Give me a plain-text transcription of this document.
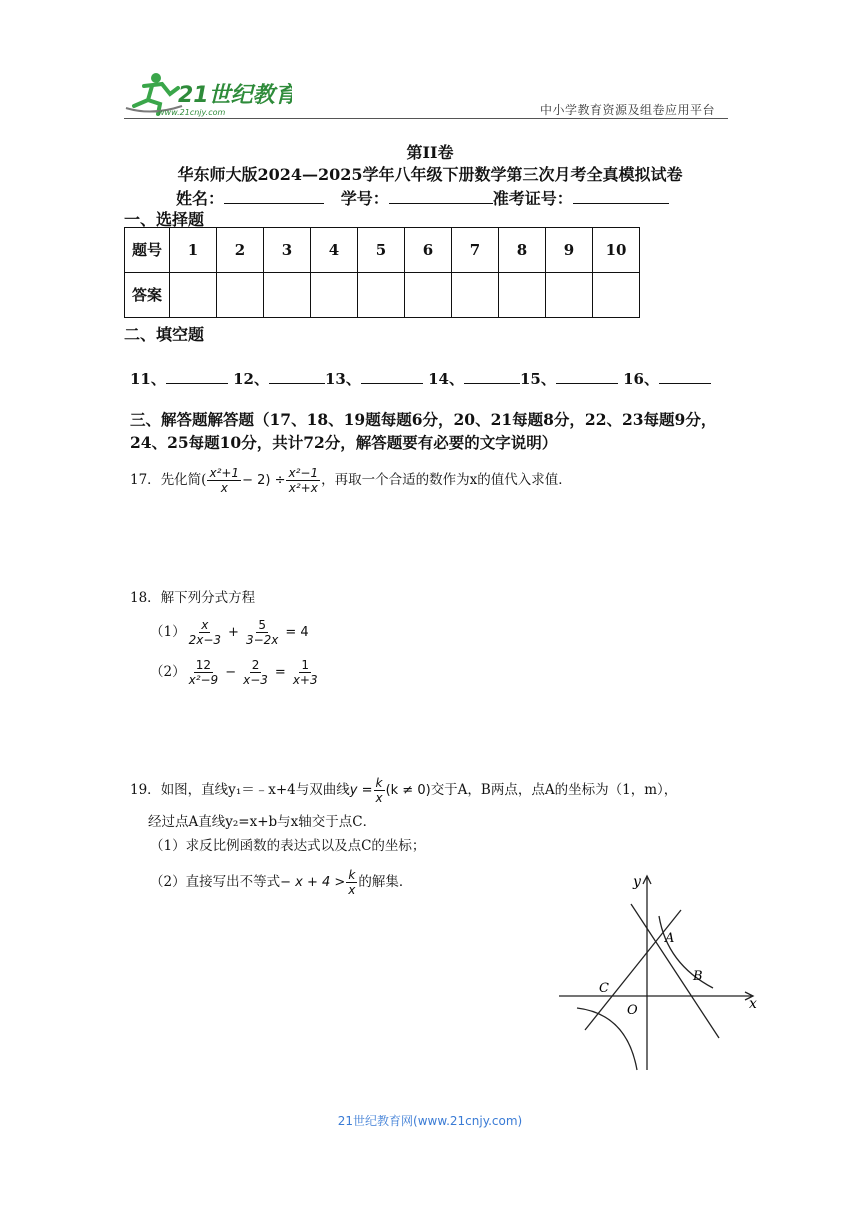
21世纪教育
www.21cnjy.com	中小学教育资源及组卷应用平台
第II卷
华东师大版2024—2025学年八年级下册数学第三次月考全真模拟试卷
姓名：	学号：	准考证号：
一、选择题
题号	1	2	3	4	5	6	7	8	9	10
答案										
二、填空题
11、	12、	13、	14、	15、	16、
三、解答题解答题（17、18、19题每题6分，20、21每题8分，22、23每题9分，24、25每题10分，共计72分，解答题要有必要的文字说明）
17．先化简( $\frac{\text{x²+1}}{x} - 2) \div \frac{\text{x²−1}}{\text{x²+x}}$ ，再取一个合适的数作为x的值代入求值．
18．解下列分式方程
$(1) \frac{x}{2x-3} + \frac{5}{3-2x} = 4$
$(2) \frac{12}{\text{x²−9}} - \frac{2}{x-3} = \frac{1}{x+3}$
19．如图，直线y₁＝﹣x+4与双曲线$y = \frac{k}{x} (k \ne 0)$交于A，B两点，点A的坐标为（1，m），
经过点A直线y₂=x+b与x轴交于点C．
（1）求反比例函数的表达式以及点C的坐标；
（2）直接写出不等式− $x + 4 > \frac{k}{x}$ 的解集．	y
x
O
A
B
C
21世纪教育网(www.21cnjy.com)
